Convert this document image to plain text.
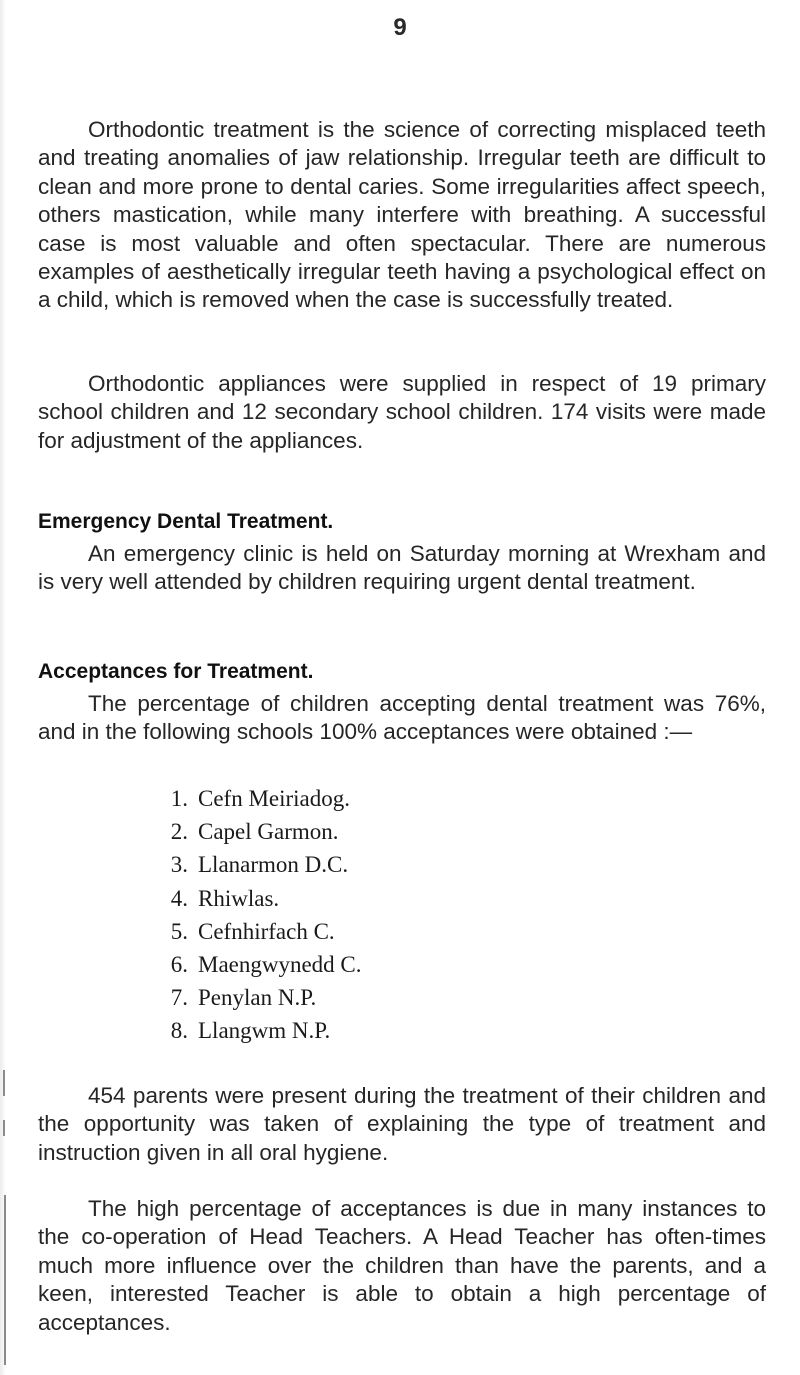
9

Orthodontic treatment is the science of correcting misplaced teeth and treating anomalies of jaw relationship. Irregular teeth are difficult to clean and more prone to dental caries. Some irregularities affect speech, others mastication, while many interfere with breathing. A successful case is most valuable and often spectacular. There are numerous examples of aesthetically irregular teeth having a psychological effect on a child, which is removed when the case is successfully treated.

Orthodontic appliances were supplied in respect of 19 primary school children and 12 secondary school children. 174 visits were made for adjustment of the appliances.

Emergency Dental Treatment.

An emergency clinic is held on Saturday morning at Wrexham and is very well attended by children requiring urgent dental treatment.

Acceptances for Treatment.

The percentage of children accepting dental treatment was 76%, and in the following schools 100% acceptances were obtained :—

1. Cefn Meiriadog.
2. Capel Garmon.
3. Llanarmon D.C.
4. Rhiwlas.
5. Cefnhirfach C.
6. Maengwynedd C.
7. Penylan N.P.
8. Llangwm N.P.

454 parents were present during the treatment of their children and the opportunity was taken of explaining the type of treatment and instruction given in all oral hygiene.

The high percentage of acceptances is due in many instances to the co-operation of Head Teachers. A Head Teacher has often-times much more influence over the children than have the parents, and a keen, interested Teacher is able to obtain a high percentage of acceptances.
